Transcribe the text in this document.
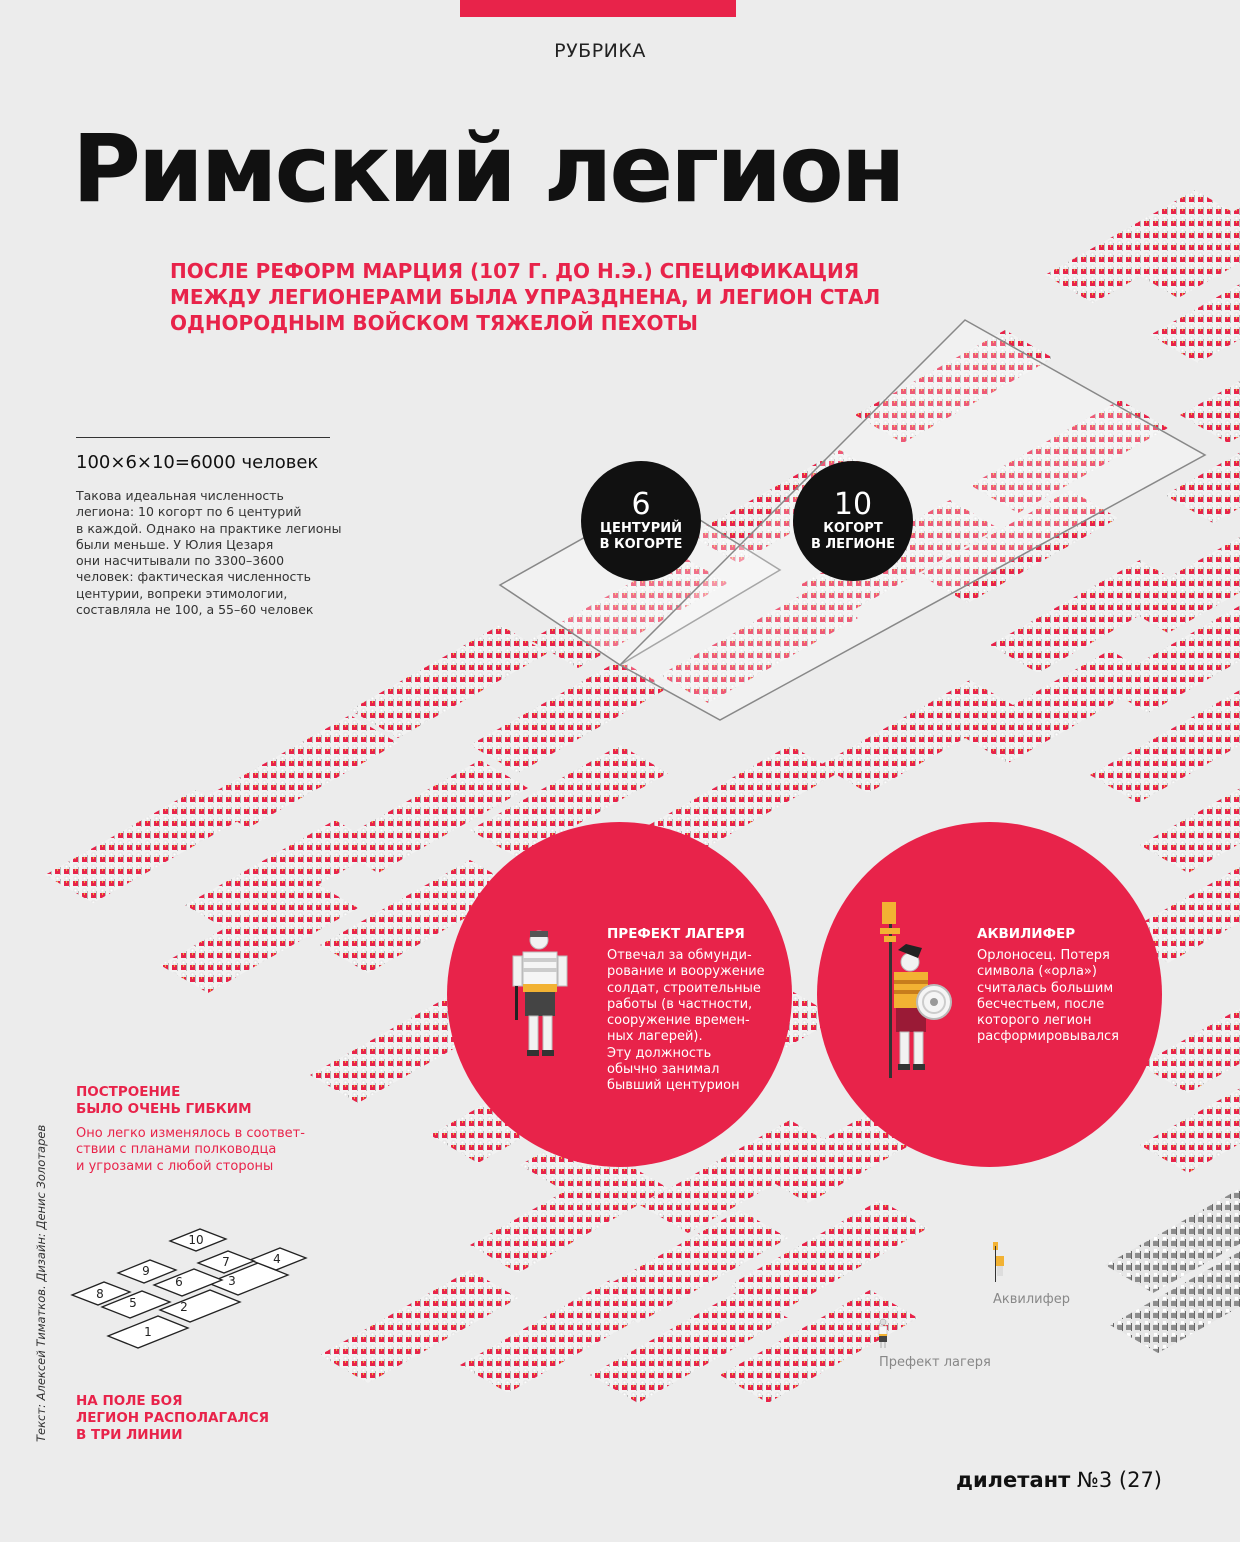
РУБРИКА
Римский легион
ПОСЛЕ РЕФОРМ МАРЦИЯ (107 Г. ДО Н.Э.) СПЕЦИФИКАЦИЯ
МЕЖДУ ЛЕГИОНЕРАМИ БЫЛА УПРАЗДНЕНА, И ЛЕГИОН СТАЛ
ОДНОРОДНЫМ ВОЙСКОМ ТЯЖЕЛОЙ ПЕХОТЫ
100×6×10=6000 человек
Такова идеальная численность
легиона: 10 когорт по 6 центурий
в каждой. Однако на практике легионы
были меньше. У Юлия Цезаря
они насчитывали по 3300–3600
человек: фактическая численность
центурии, вопреки этимологии,
составляла не 100, а 55–60 человек
6
ЦЕНТУРИЙ
В КОГОРТЕ
10
КОГОРТ
В ЛЕГИОНЕ
ПРЕФЕКТ ЛАГЕРЯ
Отвечал за обмунди-
рование и вооружение
солдат, строительные
работы (в частности,
сооружение времен-
ных лагерей).
Эту должность
обычно занимал
бывший центурион
АКВИЛИФЕР
Орлоносец. Потеря
символа («орла»)
считалась большим
бесчестьем, после
которого легион
расформировывался
Аквилифер
Префект лагеря
ПОСТРОЕНИЕ
БЫЛО ОЧЕНЬ ГИБКИМ
Оно легко изменялось в соответ-
ствии с планами полководца
и угрозами с любой стороны
1
2
3
4
5
6
7
8
9
10
НА ПОЛЕ БОЯ
ЛЕГИОН РАСПОЛАГАЛСЯ
В ТРИ ЛИНИИ
Текст: Алексей Тиматков. Дизайн: Денис Золотарев
дилетант №3 (27)
